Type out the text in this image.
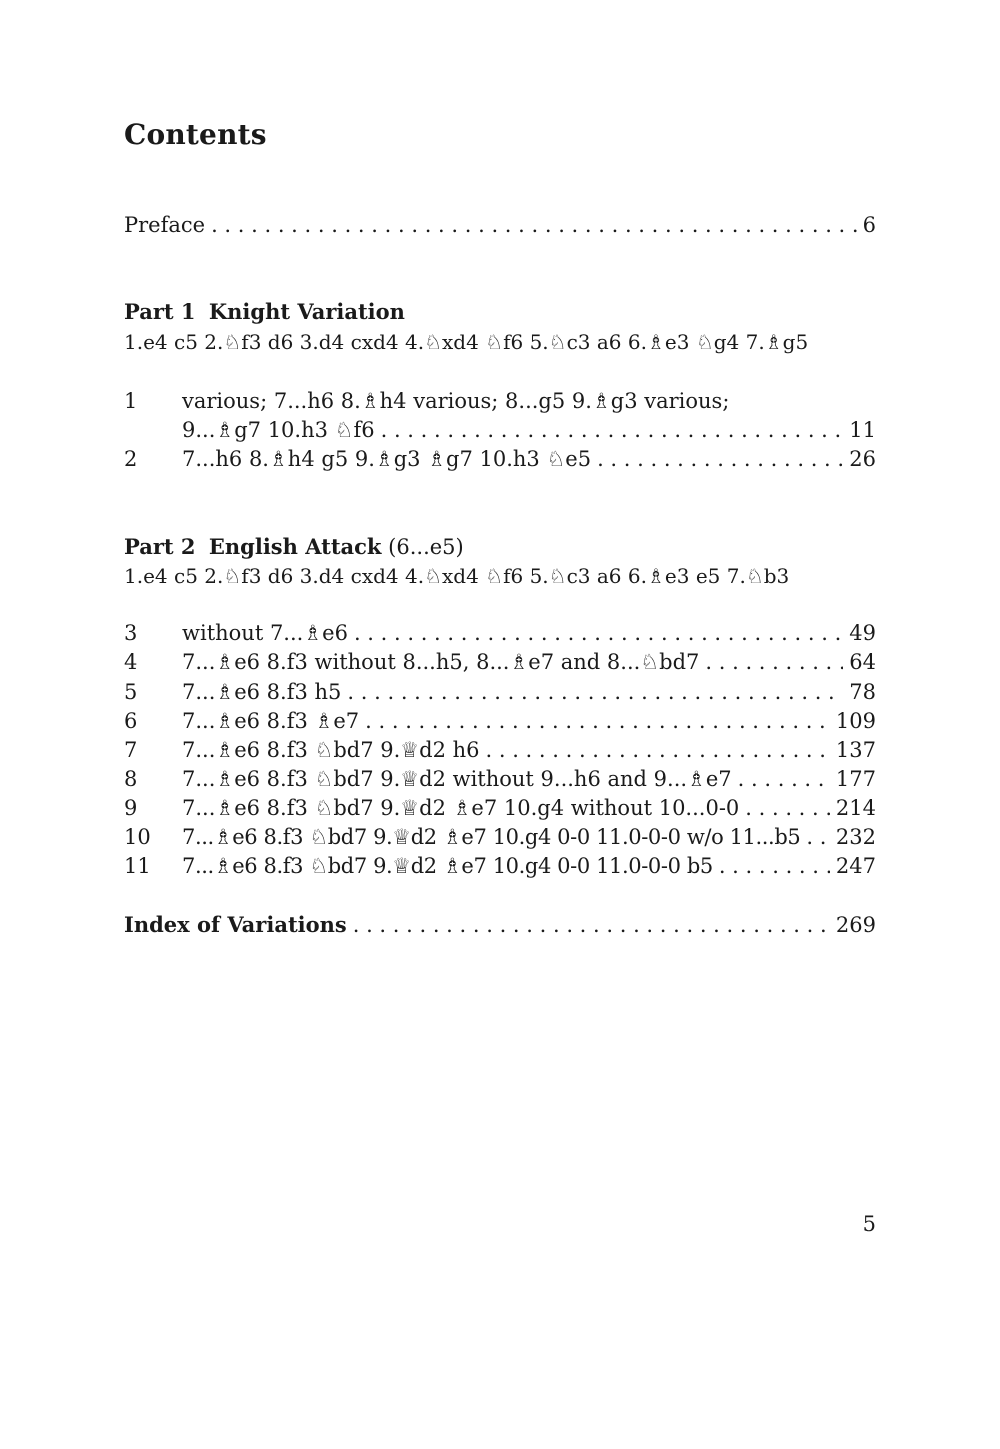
Contents
Preface . . .	6
Part 1 Knight Variation
1.e4 c5 2.♘f3 d6 3.d4 cxd4 4.♘xd4 ♘f6 5.♘c3 a6 6.♗e3 ♘g4 7.♗g5
1 various; 7...h6 8.♗h4 various; 8...g5 9.♗g3 various;
9...♗g7 10.h3 ♘f6 . . .	11
2 7...h6 8.♗h4 g5 9.♗g3 ♗g7 10.h3 ♘e5 . . .	26
Part 2 English Attack (6...e5)
1.e4 c5 2.♘f3 d6 3.d4 cxd4 4.♘xd4 ♘f6 5.♘c3 a6 6.♗e3 e5 7.♘b3
3 without 7...♗e6 . . .	49
4 7...♗e6 8.f3 without 8...h5, 8...♗e7 and 8...♘bd7 . . .	64
5 7...♗e6 8.f3 h5 . . .	78
6 7...♗e6 8.f3 ♗e7 . . .	109
7 7...♗e6 8.f3 ♘bd7 9.♕d2 h6 . . .	137
8 7...♗e6 8.f3 ♘bd7 9.♕d2 without 9...h6 and 9...♗e7 . . .	177
9 7...♗e6 8.f3 ♘bd7 9.♕d2 ♗e7 10.g4 without 10...0-0 . . .	214
10 7...♗e6 8.f3 ♘bd7 9.♕d2 ♗e7 10.g4 0-0 11.0-0-0 w/o 11...b5 . . . 232
11 7...♗e6 8.f3 ♘bd7 9.♕d2 ♗e7 10.g4 0-0 11.0-0-0 b5 . . .	247
Index of Variations . . .	269
5
